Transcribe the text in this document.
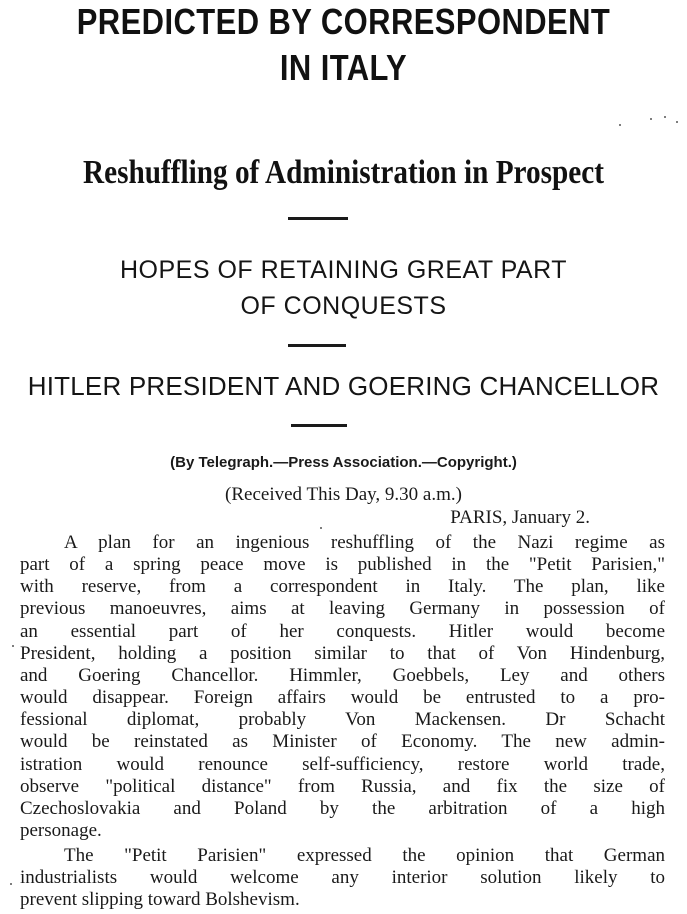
PREDICTED BY CORRESPONDENT
IN ITALY
Reshuffling of Administration in Prospect
HOPES OF RETAINING GREAT PART
OF CONQUESTS
HITLER PRESIDENT AND GOERING CHANCELLOR
(By Telegraph.—Press Association.—Copyright.)
(Received This Day, 9.30 a.m.)
PARIS, January 2.
A plan for an ingenious reshuffling of the Nazi regime as
part of a spring peace move is published in the "Petit Parisien,"
with reserve, from a correspondent in Italy. The plan, like
previous manoeuvres, aims at leaving Germany in possession of
an essential part of her conquests. Hitler would become
President, holding a position similar to that of Von Hindenburg,
and Goering Chancellor. Himmler, Goebbels, Ley and others
would disappear. Foreign affairs would be entrusted to a pro-
fessional diplomat, probably Von Mackensen. Dr Schacht
would be reinstated as Minister of Economy. The new admin-
istration would renounce self-sufficiency, restore world trade,
observe "political distance" from Russia, and fix the size of
Czechoslovakia and Poland by the arbitration of a high
personage.
The "Petit Parisien" expressed the opinion that German
industrialists would welcome any interior solution likely to
prevent slipping toward Bolshevism.
